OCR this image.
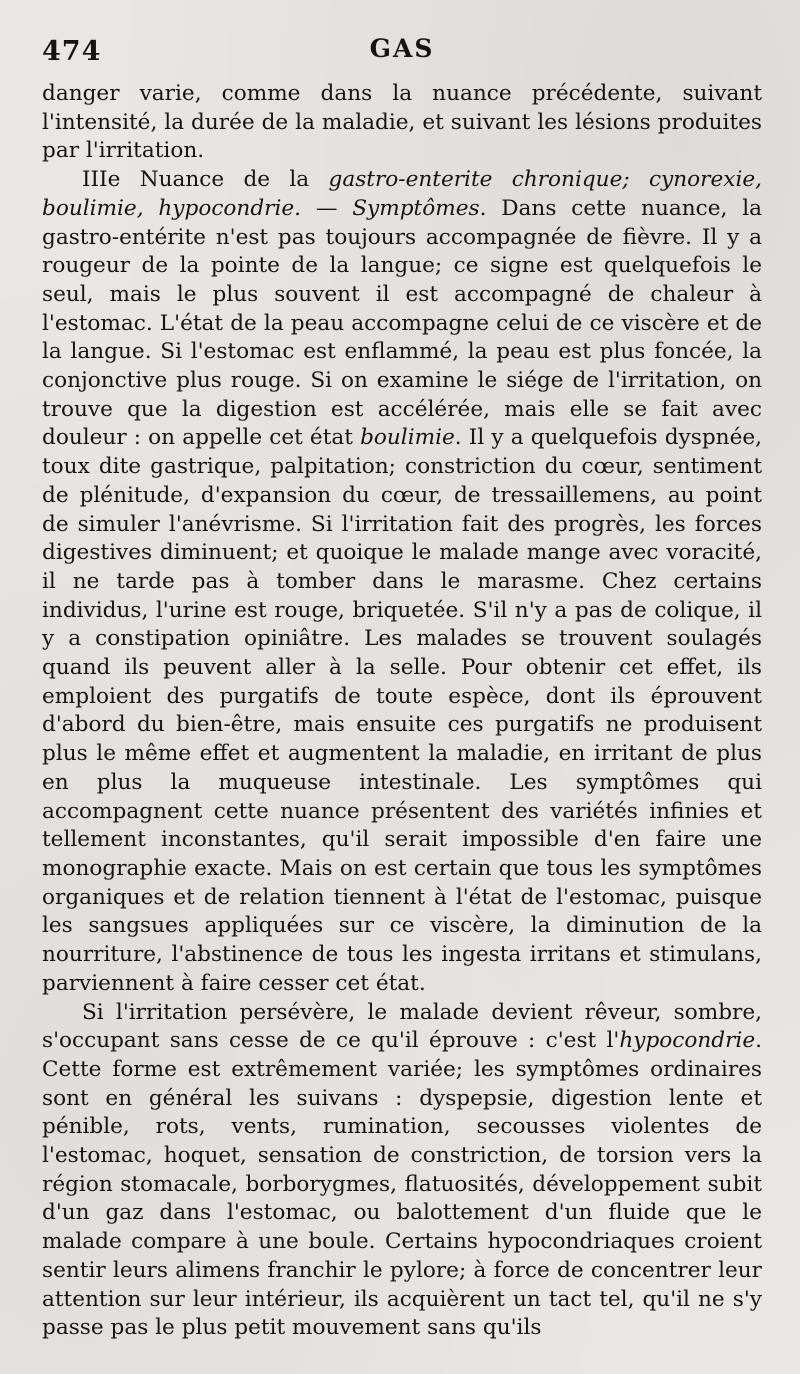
474	GAS

danger varie, comme dans la nuance précédente, suivant l'intensité, la durée de la maladie, et suivant les lésions produites par l'irritation.

IIIe Nuance de la gastro-enterite chronique; cynorexie, boulimie, hypocondrie. — Symptômes. Dans cette nuance, la gastro-entérite n'est pas toujours accompagnée de fièvre. Il y a rougeur de la pointe de la langue; ce signe est quelquefois le seul, mais le plus souvent il est accompagné de chaleur à l'estomac. L'état de la peau accompagne celui de ce viscère et de la langue. Si l'estomac est enflammé, la peau est plus foncée, la conjonctive plus rouge. Si on examine le siége de l'irritation, on trouve que la digestion est accélérée, mais elle se fait avec douleur : on appelle cet état boulimie. Il y a quelquefois dyspnée, toux dite gastrique, palpitation; constriction du cœur, sentiment de plénitude, d'expansion du cœur, de tressaillemens, au point de simuler l'anévrisme. Si l'irritation fait des progrès, les forces digestives diminuent; et quoique le malade mange avec voracité, il ne tarde pas à tomber dans le marasme. Chez certains individus, l'urine est rouge, briquetée. S'il n'y a pas de colique, il y a constipation opiniâtre. Les malades se trouvent soulagés quand ils peuvent aller à la selle. Pour obtenir cet effet, ils emploient des purgatifs de toute espèce, dont ils éprouvent d'abord du bien-être, mais ensuite ces purgatifs ne produisent plus le même effet et augmentent la maladie, en irritant de plus en plus la muqueuse intestinale. Les symptômes qui accompagnent cette nuance présentent des variétés infinies et tellement inconstantes, qu'il serait impossible d'en faire une monographie exacte. Mais on est certain que tous les symptômes organiques et de relation tiennent à l'état de l'estomac, puisque les sangsues appliquées sur ce viscère, la diminution de la nourriture, l'abstinence de tous les ingesta irritans et stimulans, parviennent à faire cesser cet état.

Si l'irritation persévère, le malade devient rêveur, sombre, s'occupant sans cesse de ce qu'il éprouve : c'est l'hypocondrie. Cette forme est extrêmement variée; les symptômes ordinaires sont en général les suivans : dyspepsie, digestion lente et pénible, rots, vents, rumination, secousses violentes de l'estomac, hoquet, sensation de constriction, de torsion vers la région stomacale, borborygmes, flatuosités, développement subit d'un gaz dans l'estomac, ou balottement d'un fluide que le malade compare à une boule. Certains hypocondriaques croient sentir leurs alimens franchir le pylore; à force de concentrer leur attention sur leur intérieur, ils acquièrent un tact tel, qu'il ne s'y passe pas le plus petit mouvement sans qu'ils
